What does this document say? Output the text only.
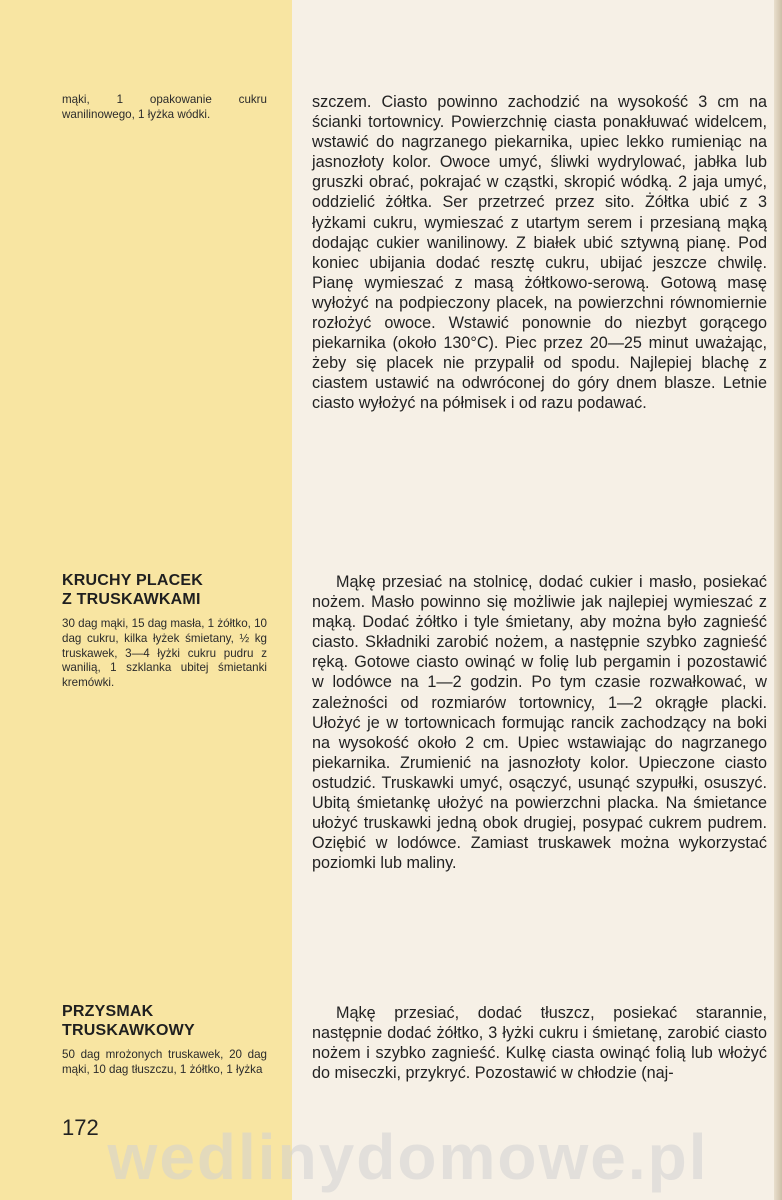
mąki, 1 opakowanie cukru wanilinowego, 1 łyżka wódki.
KRUCHY PLACEK
Z TRUSKAWKAMI
30 dag mąki, 15 dag masła, 1 żółtko, 10 dag cukru, kilka łyżek śmietany, ½ kg truskawek, 3—4 łyżki cukru pudru z wanilią, 1 szklanka ubitej śmietanki kremówki.
PRZYSMAK
TRUSKAWKOWY
50 dag mrożonych truskawek, 20 dag mąki, 10 dag tłuszczu, 1 żółtko, 1 łyżka
172
szczem. Ciasto powinno zachodzić na wysokość 3 cm na ścianki tortownicy. Powierzchnię ciasta ponakłuwać widelcem, wstawić do nagrzanego piekarnika, upiec lekko rumieniąc na jasnozłoty kolor. Owoce umyć, śliwki wydrylować, jabłka lub gruszki obrać, pokrajać w cząstki, skropić wódką. 2 jaja umyć, oddzielić żółtka. Ser przetrzeć przez sito. Żółtka ubić z 3 łyżkami cukru, wymieszać z utartym serem i przesianą mąką dodając cukier wanilinowy. Z białek ubić sztywną pianę. Pod koniec ubijania dodać resztę cukru, ubijać jeszcze chwilę. Pianę wymieszać z masą żółtkowo-serową. Gotową masę wyłożyć na podpieczony placek, na powierzchni równomiernie rozłożyć owoce. Wstawić ponownie do niezbyt gorącego piekarnika (około 130°C). Piec przez 20—25 minut uważając, żeby się placek nie przypalił od spodu. Najlepiej blachę z ciastem ustawić na odwróconej do góry dnem blasze. Letnie ciasto wyłożyć na półmisek i od razu podawać.
Mąkę przesiać na stolnicę, dodać cukier i masło, posiekać nożem. Masło powinno się możliwie jak najlepiej wymieszać z mąką. Dodać żółtko i tyle śmietany, aby można było zagnieść ciasto. Składniki zarobić nożem, a następnie szybko zagnieść ręką. Gotowe ciasto owinąć w folię lub pergamin i pozostawić w lodówce na 1—2 godzin. Po tym czasie rozwałkować, w zależności od rozmiarów tortownicy, 1—2 okrągłe placki. Ułożyć je w tortownicach formując rancik zachodzący na boki na wysokość około 2 cm. Upiec wstawiając do nagrzanego piekarnika. Zrumienić na jasnozłoty kolor. Upieczone ciasto ostudzić. Truskawki umyć, osączyć, usunąć szypułki, osuszyć. Ubitą śmietankę ułożyć na powierzchni placka. Na śmietance ułożyć truskawki jedną obok drugiej, posypać cukrem pudrem. Oziębić w lodówce. Zamiast truskawek można wykorzystać poziomki lub maliny.
Mąkę przesiać, dodać tłuszcz, posiekać starannie, następnie dodać żółtko, 3 łyżki cukru i śmietanę, zarobić ciasto nożem i szybko zagnieść. Kulkę ciasta owinąć folią lub włożyć do miseczki, przykryć. Pozostawić w chłodzie (naj-
wedlinydomowe.pl
